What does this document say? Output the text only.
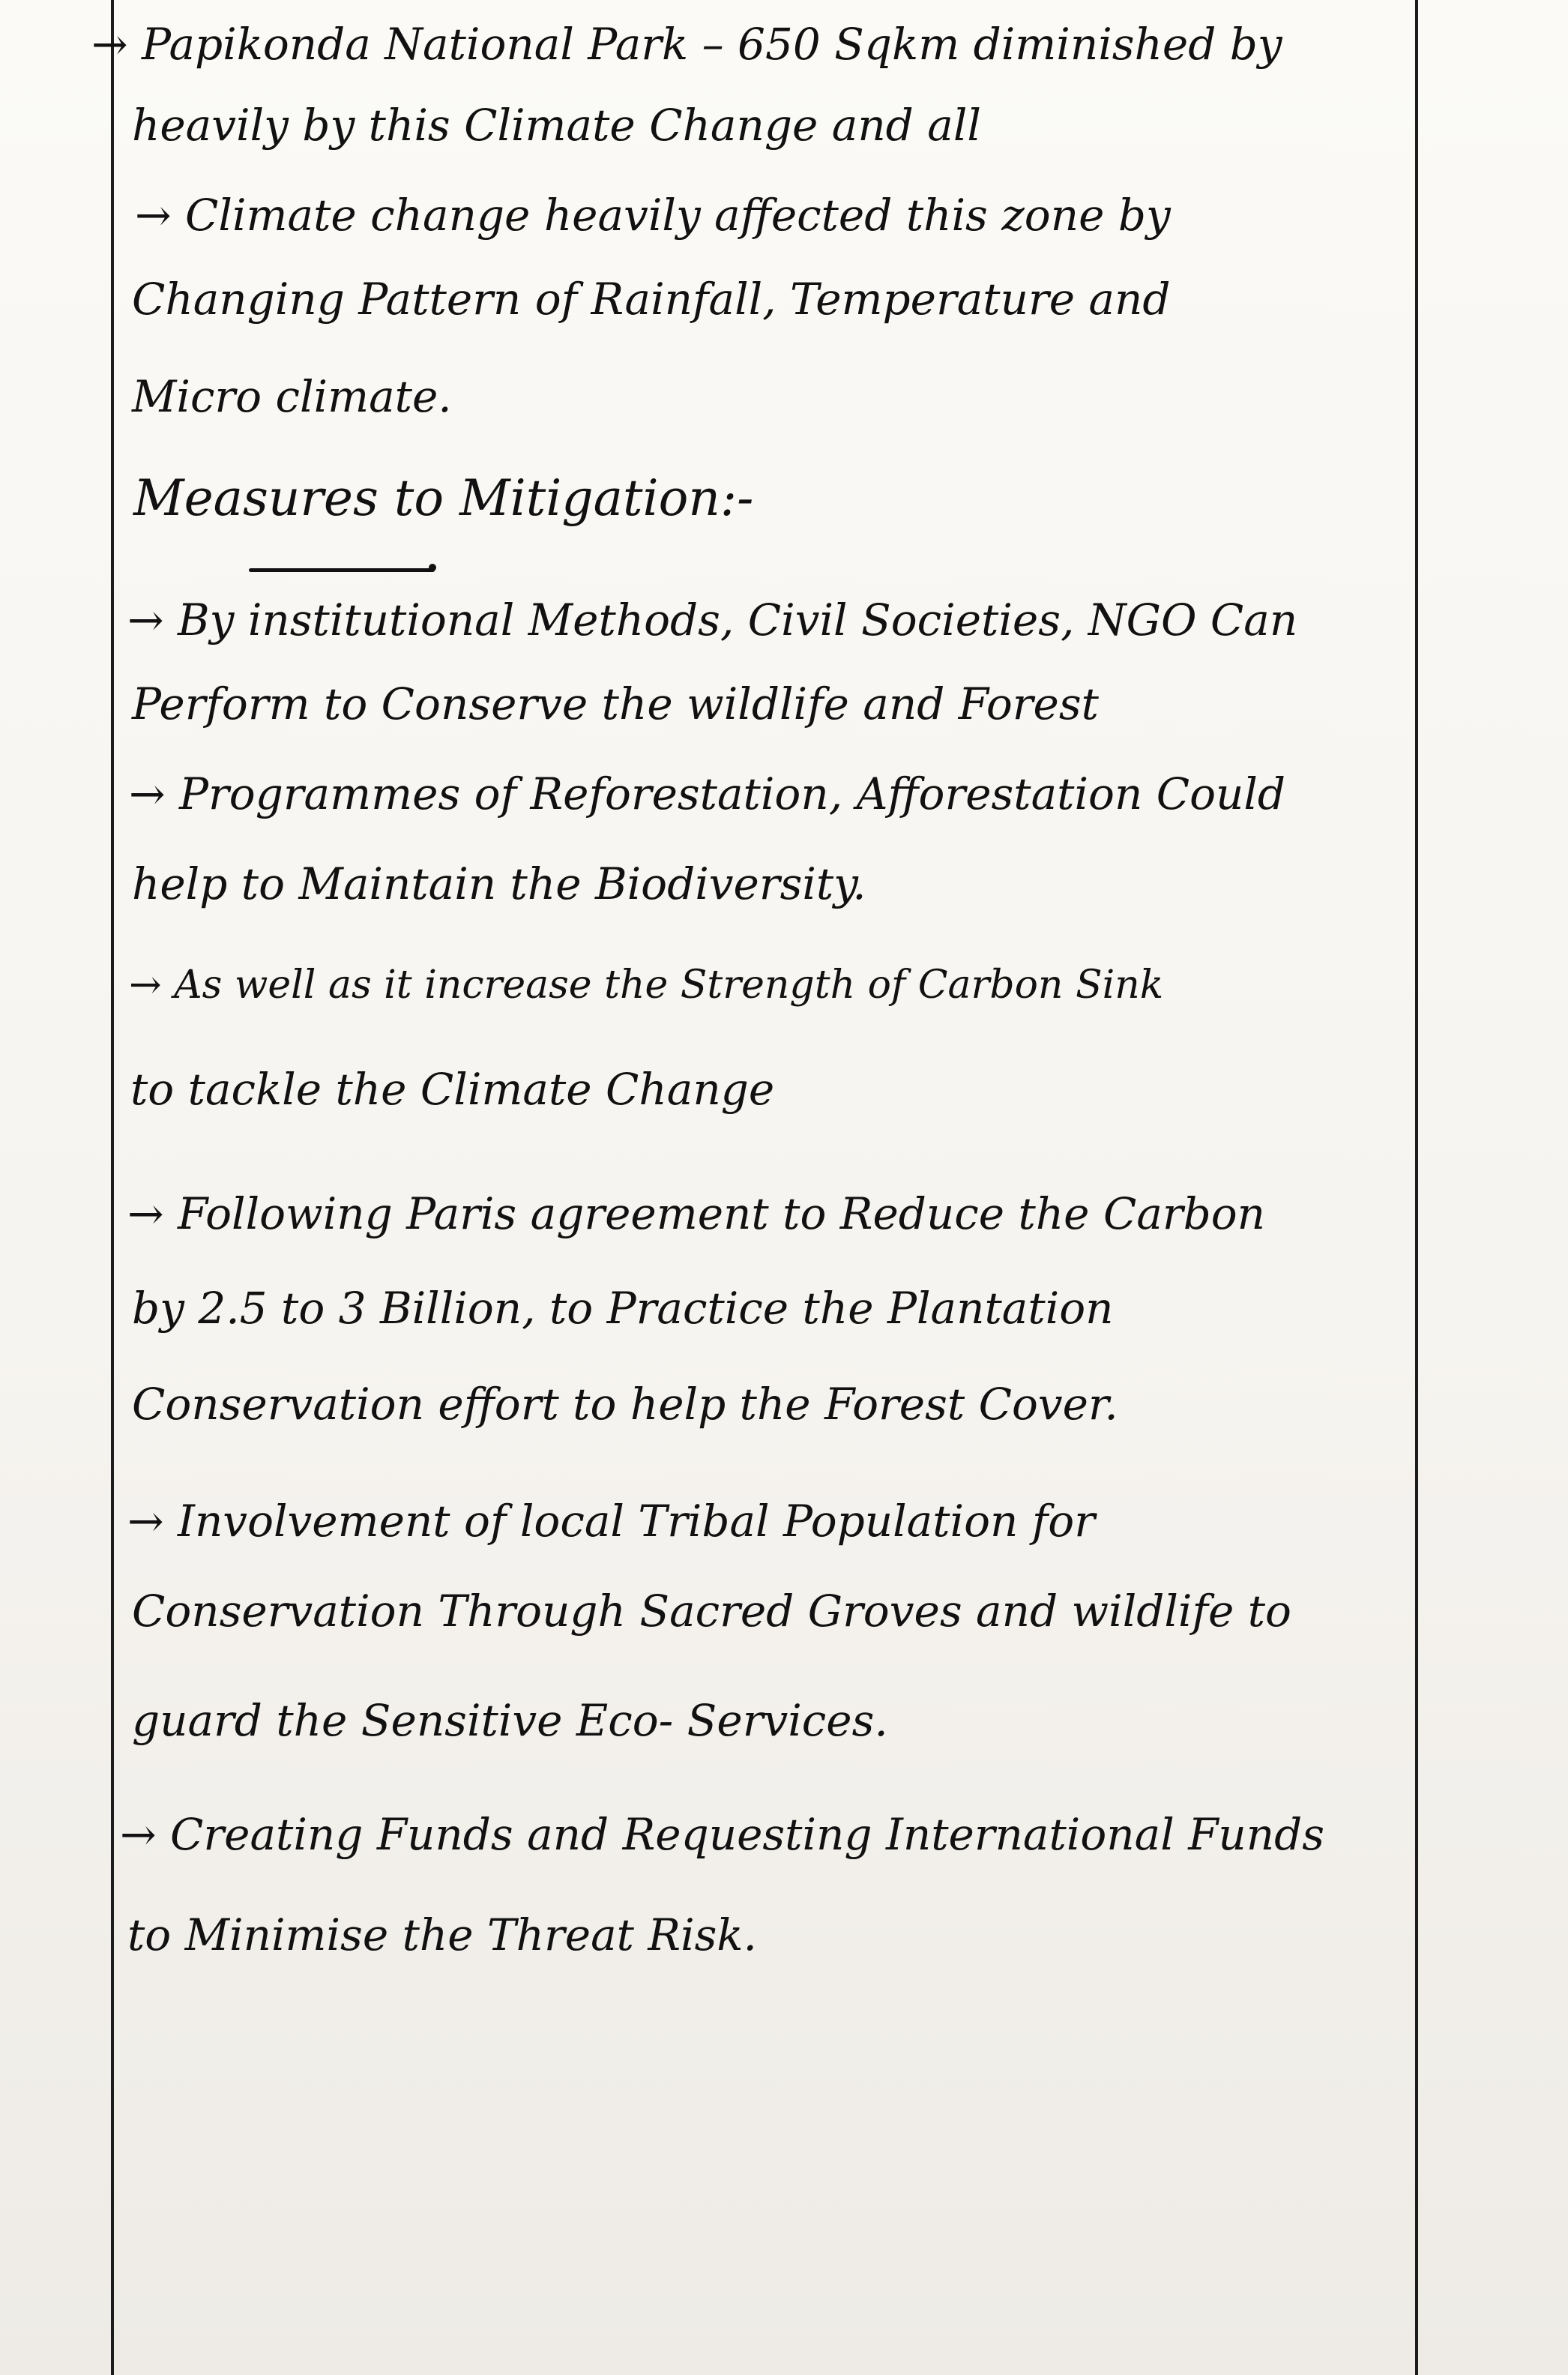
→ Papikonda National Park – 650 Sqkm diminished by

heavily by this Climate Change and all

→ Climate change heavily affected this zone by

Changing Pattern of Rainfall, Temperature and

Micro climate.

Measures to Mitigation:-

→ By institutional Methods, Civil Societies, NGO Can

Perform to Conserve the wildlife and Forest

→ Programmes of Reforestation, Afforestation Could

help to Maintain the Biodiversity.

→ As well as it increase the Strength of Carbon Sink

to tackle the Climate Change

→ Following Paris agreement to Reduce the Carbon

by 2.5 to 3 Billion, to Practice the Plantation

Conservation effort to help the Forest Cover.

→ Involvement of local Tribal Population for

Conservation Through Sacred Groves and wildlife to

guard the Sensitive Eco- Services.

→ Creating Funds and Requesting International Funds

to Minimise the Threat Risk.
